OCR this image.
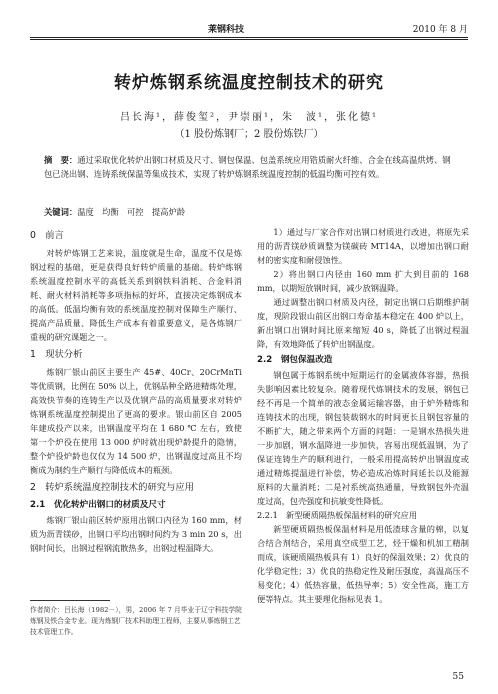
莱钢科技	2010 年 8 月
转炉炼钢系统温度控制技术的研究
吕长海¹，薛俊玺²，尹崇丽¹，朱　波¹，张化德¹
（1 股份炼钢厂；2 股份炼铁厂）
摘　要：通过采取优化转炉出钢口材质及尺寸、钢包保温、包盖系统应用锆质耐火纤维、合金在线高温烘烤、钢包已浇出钢、连铸系统保温等集成技术，实现了转炉炼钢系统温度控制的低温均衡可控有效。
关键词：温度　均衡　可控　提高炉龄
0　前言

对转炉炼钢工艺来说，温度就是生命，温度不仅是炼钢过程的基础，更是获得良好转炉质量的基础。转炉炼钢系统温度控制水平的高低关系到钢铁料消耗、合金料消耗、耐火材料消耗等多项指标的好坏，直接决定炼钢成本的高低。低温均衡有效的系统温度控制对保障生产顺行、提高产品质量、降低生产成本有着重要意义，是各炼钢厂重视的研究课题之一。

1　现状分析

炼钢厂银山前区主要生产 45#、40Cr、20CrMnTi 等优质钢，比例在 50% 以上，优钢品种全路进精炼处理，高效快节奏的连铸生产以及优钢产品的高质量要求对转炉炼钢系统温度控制提出了更高的要求。银山前区自 2005 年建成投产以来，出钢温度平均在 1 680 ℃ 左右，致使第一个炉役在使用 13 000 炉时就出现炉龄提升的隐情，整个炉役炉龄也仅仅为 14 500 炉，出钢温度过高且不均衡成为制约生产顺行与降低成本的瓶颈。

2　转炉系统温度控制技术的研究与应用
2.1　优化转炉出钢口的材质及尺寸

炼钢厂银山前区转炉原用出钢口内径为 160 mm，材质为沥青镁砂，出钢口平均出钢时间约为 3 min 20 s，出钢时间长，出钢过程钢流散热多，出钢过程温降大。

1）通过与厂家合作对出钢口材质进行改进，将原先采用的沥青镁砂质调整为镁碳砖 MT14A，以增加出钢口耐材的密实度和耐侵蚀性。

2）将出钢口内径由 160 mm 扩大到目前的 168 mm，以期短放钢时间，减少放钢温降。

通过调整出钢口材质及内径，制定出钢口后期维护制度，现阶段银山前区出钢口寿命基本稳定在 400 炉以上，新出钢口出钢时间比原来缩短 40 s，降低了出钢过程温降，有效地降低了转炉出钢温度。

2.2　钢包保温改造

钢包属于炼钢系统中短期运行的金属液体容器，热损失影响因素比较复杂。随着现代炼钢技术的发展，钢包已经不再是一个简单的液态金属运输容器，由于炉外精炼和连铸技术的出现，钢包装载钢水的时间更长且钢包容量的不断扩大，随之带来两个方面的问题：一是钢水热损失进一步加剧，钢水温降进一步加快，容易出现低温钢，为了保证连铸生产的顺利进行，一般采用提高转炉出钢温度或通过精炼提温进行补偿，势必造成冶炼时间延长以及能源原料的大量消耗；二是衬系统高热通量，导致钢包外壳温度过高，包壳强度和抗敏变性降低。

2.2.1　新型硬质隔热板保温材料的研究应用

新型硬质隔热板保温材料是用低渣球含量的棉，以复合结合剂结合，采用真空成型工艺，烃干燥和机加工精制而成，该硬质隔热板具有 1）良好的保温效果；2）优良的化学稳定性；3）优良的热稳定性及耐压强度，高温高压不易变化；4）低热容量，低热导率；5）安全性高，施工方便等特点。其主要理化指标见表 1。

作者简介：吕长海（1982－），男，2006 年 7 月毕业于辽宁科技学院炼钢及铁合金专业。现为炼钢厂技术科助理工程师，主要从事炼钢工艺技术管理工作。
55
